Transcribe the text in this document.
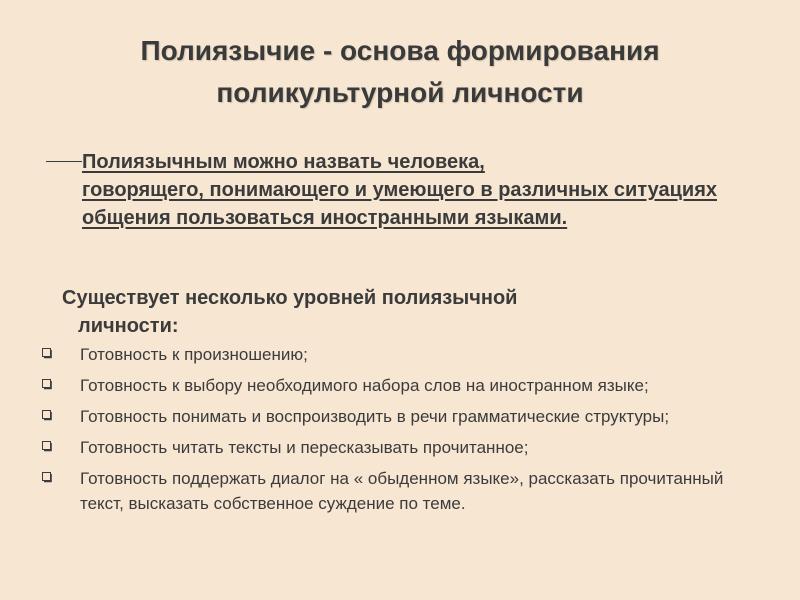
Полиязычие - основа формирования поликультурной личности

Полиязычным можно назвать человека,
говорящего, понимающего и умеющего в различных ситуациях общения пользоваться иностранными языками.

Существует несколько уровней полиязычной
личности:

Готовность к произношению;
Готовность к выбору необходимого набора слов на иностранном языке;
Готовность понимать и воспроизводить в речи грамматические структуры;
Готовность читать тексты и пересказывать прочитанное;
Готовность поддержать диалог на « обыденном языке», рассказать прочитанный текст, высказать собственное суждение по теме.
